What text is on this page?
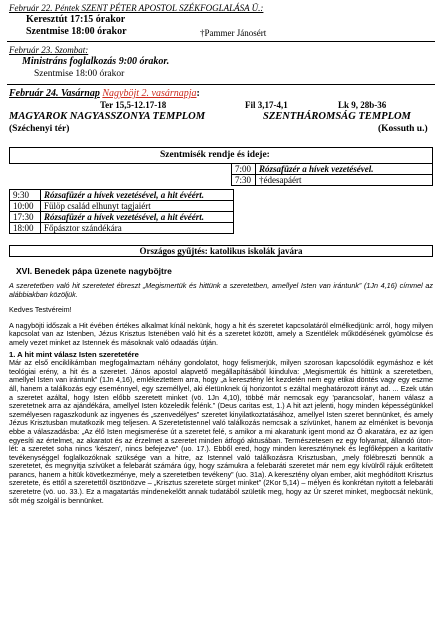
Február 22. Péntek SZENT PÉTER APOSTOL SZÉKFOGLALÁSA Ü.:
Keresztút 17:15 órakor
Szentmise 18:00 órakor	†Pammer Jánosért
Február 23. Szombat:
Ministráns foglalkozás 9:00 órakor.
Szentmise 18:00 órakor
Február 24. Vasárnap Nagyböjt 2. vasárnapja:
Ter 15,5-12.17-18	Fil 3,17-4,1	Lk 9, 28b-36
MAGYAROK NAGYASSZONYA TEMPLOM	SZENTHÁROMSÁG TEMPLOM
(Széchenyi tér)	(Kossuth u.)
Szentmisék rendje és ideje:
7:00	Rózsafüzér a hívek vezetésével.
7:30	†édesapáért
9:30	Rózsafüzér a hívek vezetésével, a hit évéért.
10:00	Fülöp család elhunyt tagjaiért
17:30	Rózsafüzér a hívek vezetésével, a hit évéért.
18:00	Főpásztor szándékára
Országos gyűjtés: katolikus iskolák javára
XVI. Benedek pápa üzenete nagyböjtre

A szeretetben való hit szeretetet ébreszt „Megismertük és hittünk a szeretetben, amellyel Isten van irántunk” (1Jn 4,16) címmel az alábbiakban közöljük.

Kedves Testvéreim!

A nagyböjti időszak a Hit évében értékes alkalmat kínál nekünk, hogy a hit és szeretet kapcsolatáról elmélkedjünk: arról, hogy milyen kapcsolat van az Istenben, Jézus Krisztus Istenében való hit és a szeretet között, amely a Szentlélek működésének gyümölcse és amely vezet minket az Istennek és másoknak való odaadás útján.

1. A hit mint válasz Isten szeretetére

Már az első enciklikámban megfogalmaztam néhány gondolatot, hogy felismerjük, milyen szorosan kapcsolódik egymáshoz e két teológiai erény, a hit és a szeretet. János apostol alapvető megállapításából kiindulva: „Megismertük és hittünk a szeretetben, amellyel Isten van irántunk” (1Jn 4,16), emlékeztettem arra, hogy „a keresztény lét kezdetén nem egy etikai döntés vagy egy eszme áll, hanem a találkozás egy eseménnyel, egy személlyel, aki életünknek új horizontot s ezáltal meghatározott irányt ad. ... Ezek után a szeretet azáltal, hogy Isten előbb szeretett minket (vö. 1Jn 4,10), többé már nemcsak egy 'parancsolat', hanem válasz a szeretetnek arra az ajándékára, amellyel Isten közeledik felénk.” (Deus caritas est, 1.) A hit azt jelenti, hogy minden képességünkkel személyesen ragaszkodunk az ingyenes és „szenvedélyes” szeretet kinyilatkoztatásához, amellyel Isten szeret bennünket, és amely Jézus Krisztusban mutatkozik meg teljesen. A Szeretetistennel való találkozás nemcsak a szívünket, hanem az elménket is bevonja ebbe a válaszadásba: „Az élő Isten megismerése út a szeretet felé, s amikor a mi akaratunk igent mond az Ő akaratára, ez az igen egyesíti az értelmet, az akaratot és az érzelmet a szeretet minden átfogó aktusában. Természetesen ez egy folyamat, állandó úton-lét: a szeretet soha nincs 'készen', nincs befejezve” (uo. 17.). Ebből ered, hogy minden kereszténynek és legfőképpen a karitatív tevékenységgel foglalkozóknak szüksége van a hitre, az Istennel való találkozásra Krisztusban, „mely fölébreszti bennük a szeretetet, és megnyitja szívüket a felebarát számára úgy, hogy számukra a felebaráti szeretet már nem egy kívülről rájuk erőltetett parancs, hanem a hitük következménye, mely a szeretetben tevékeny” (uo. 31a). A keresztény olyan ember, akit meghódított Krisztus szeretete, és ettől a szeretettől ösztönözve – „Krisztus szeretete sürget minket” (2Kor 5,14) – mélyen és konkrétan nyitott a felebaráti szeretetre (vö. uo. 33.). Ez a magatartás mindenekelőtt annak tudatából születik meg, hogy az Úr szeret minket, megbocsát nekünk, sőt még szolgál is bennünket.
